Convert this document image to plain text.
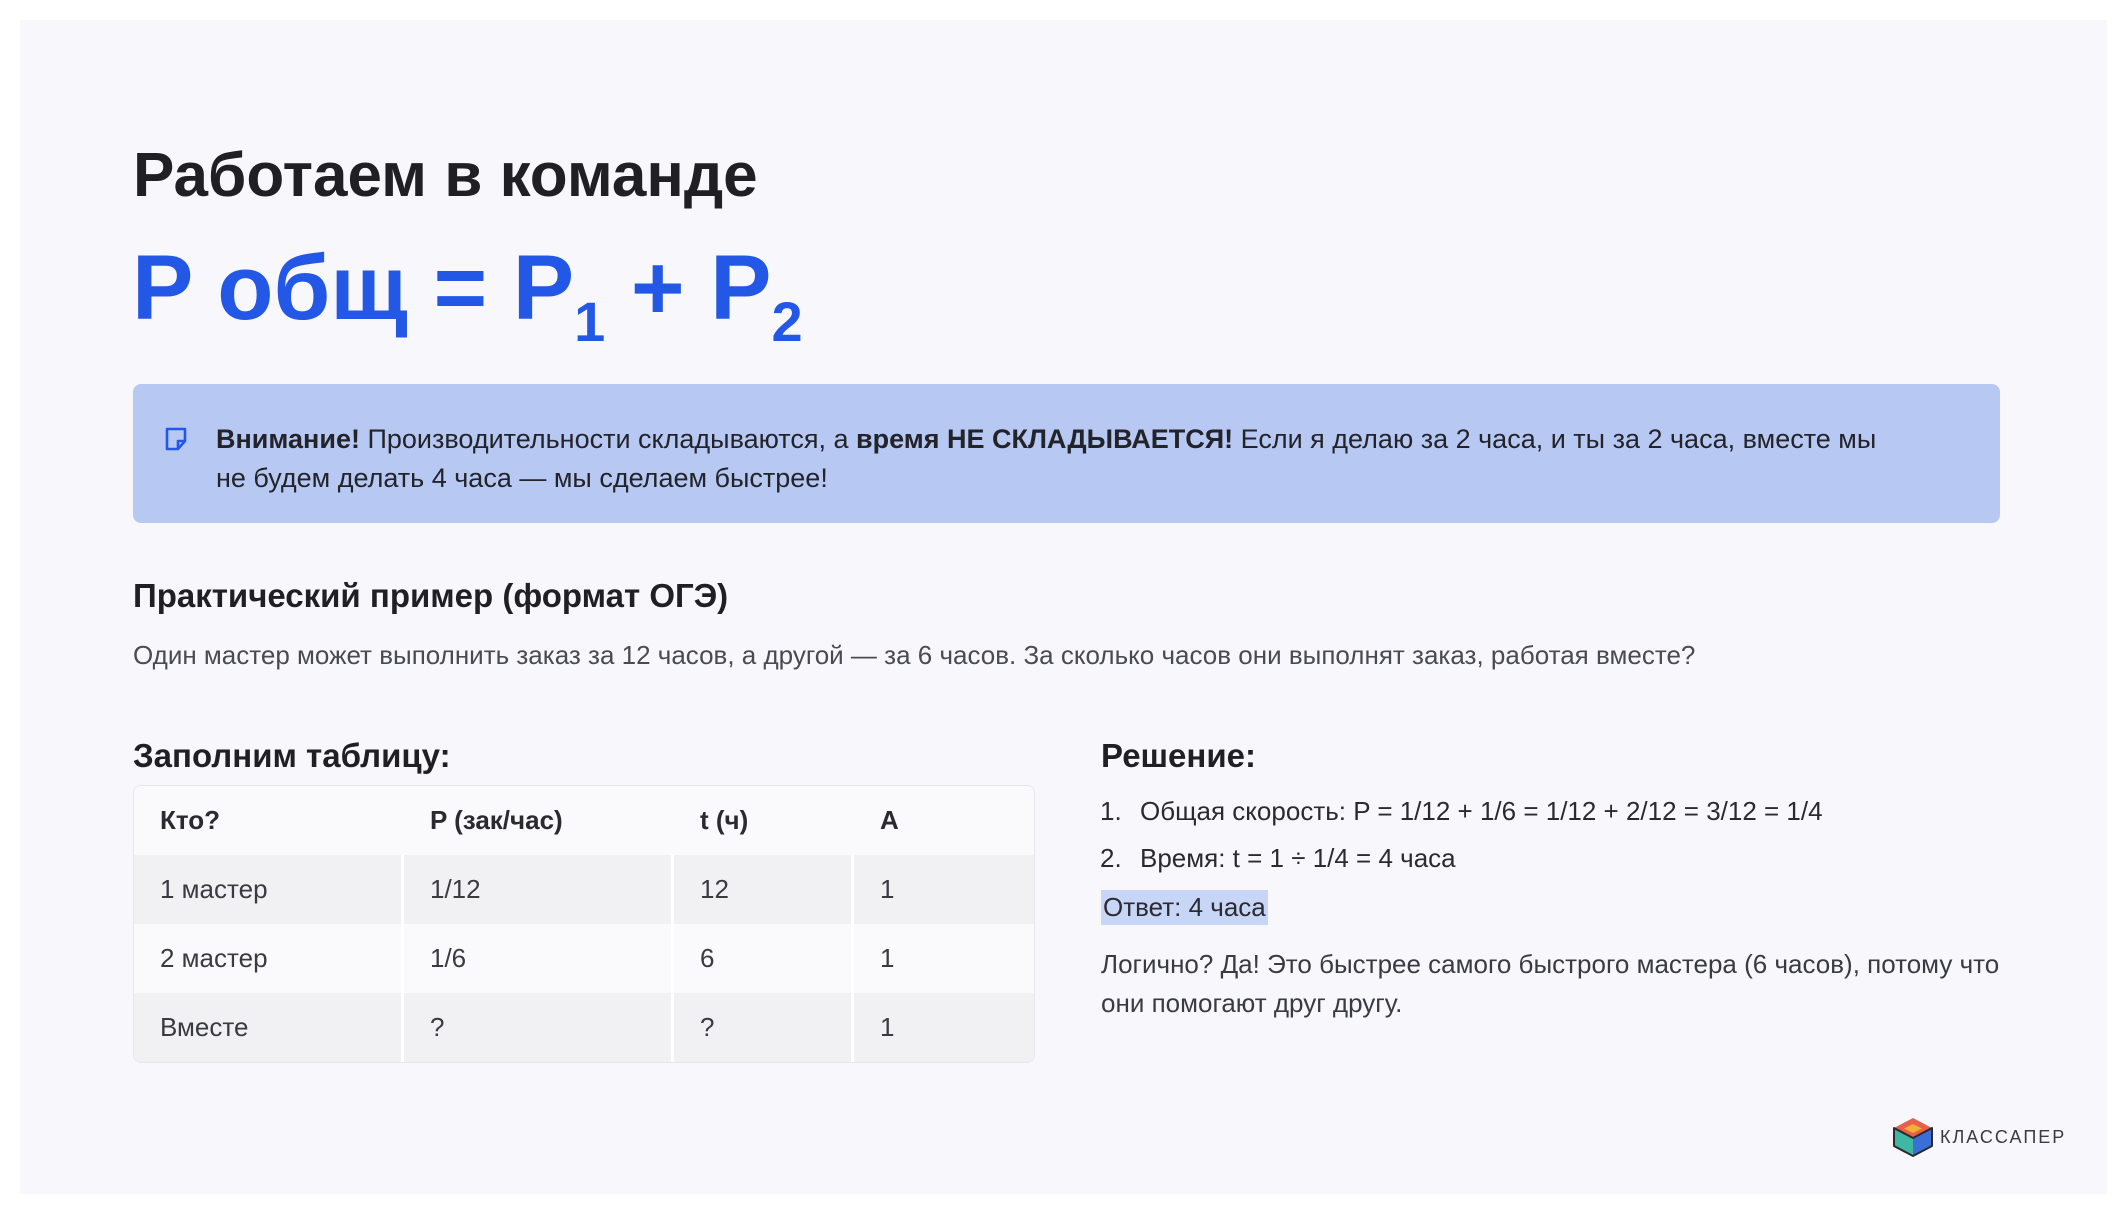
Работаем в команде
P общ = $P_1 + P_2$
Внимание! Производительности складываются, а время НЕ СКЛАДЫВАЕТСЯ! Если я делаю за 2 часа, и ты за 2 часа, вместе мы не будем делать 4 часа — мы сделаем быстрее!
Практический пример (формат ОГЭ)
Один мастер может выполнить заказ за 12 часов, а другой — за 6 часов. За сколько часов они выполнят заказ, работая вместе?
Заполним таблицу:
Кто?	P (зак/час)	t (ч)	A
1 мастер	1/12	12	1
2 мастер	1/6	6	1
Вместе	?	?	1
Решение:
1. Общая скорость: P = 1/12 + 1/6 = 1/12 + 2/12 = 3/12 = 1/4
2. Время: t = 1 ÷ 1/4 = 4 часа
Ответ: 4 часа
Логично? Да! Это быстрее самого быстрого мастера (6 часов), потому что они помогают друг другу.
КЛАССАПЕР
